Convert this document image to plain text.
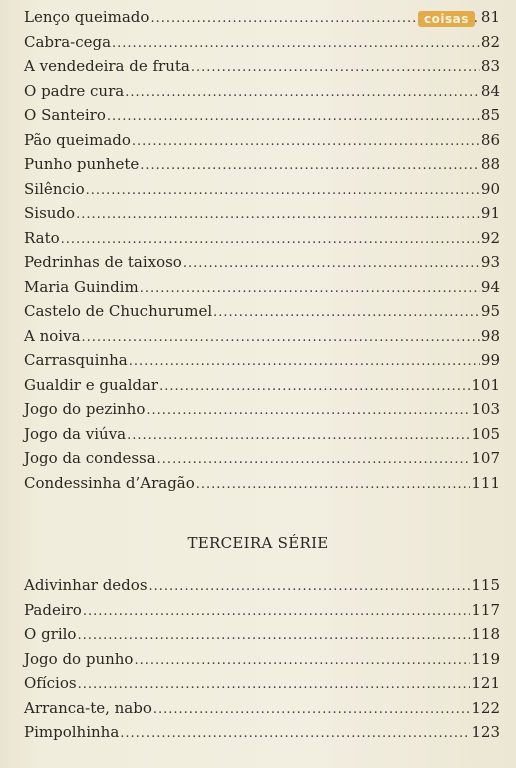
Lenço queimado .....	81
Cabra-cega .....	82
A vendedeira de fruta .....	83
O padre cura .....	84
O Santeiro .....	85
Pão queimado .....	86
Punho punhete .....	88
Silêncio .....	90
Sisudo .....	91
Rato .....	92
Pedrinhas de taixoso .....	93
Maria Guindim .....	94
Castelo de Chuchurumel .....	95
A noiva .....	98
Carrasquinha .....	99
Gualdir e gualdar .....	101
Jogo do pezinho .....	103
Jogo da viúva .....	105
Jogo da condessa .....	107
Condessinha d’Aragão .....	111
TERCEIRA SÉRIE
Adivinhar dedos .....	115
Padeiro .....	117
O grilo .....	118
Jogo do punho .....	119
Ofícios .....	121
Arranca-te, nabo .....	122
Pimpolhinha .....	123
coisas
